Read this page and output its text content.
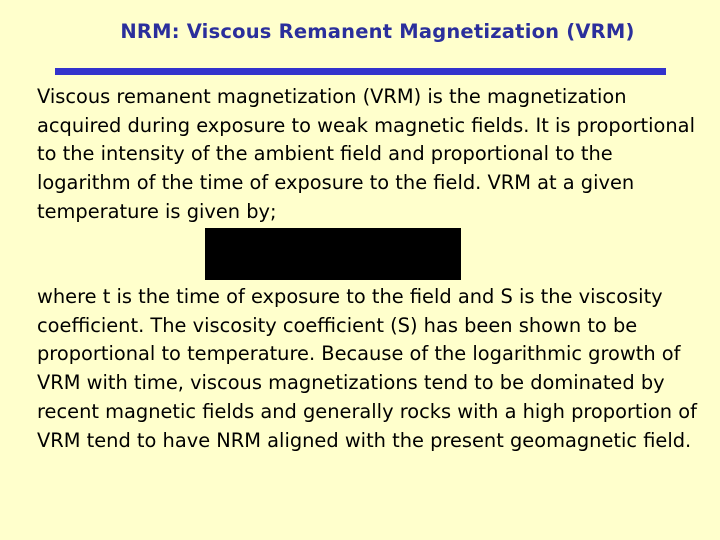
NRM: Viscous Remanent Magnetization (VRM)

Viscous remanent magnetization (VRM) is the magnetization acquired during exposure to weak magnetic fields. It is proportional to the intensity of the ambient field and proportional to the logarithm of the time of exposure to the field. VRM at a given temperature is given by;

where t is the time of exposure to the field and S is the viscosity coefficient. The viscosity coefficient (S) has been shown to be proportional to temperature. Because of the logarithmic growth of VRM with time, viscous magnetizations tend to be dominated by recent magnetic fields and generally rocks with a high proportion of VRM tend to have NRM aligned with the present geomagnetic field.
